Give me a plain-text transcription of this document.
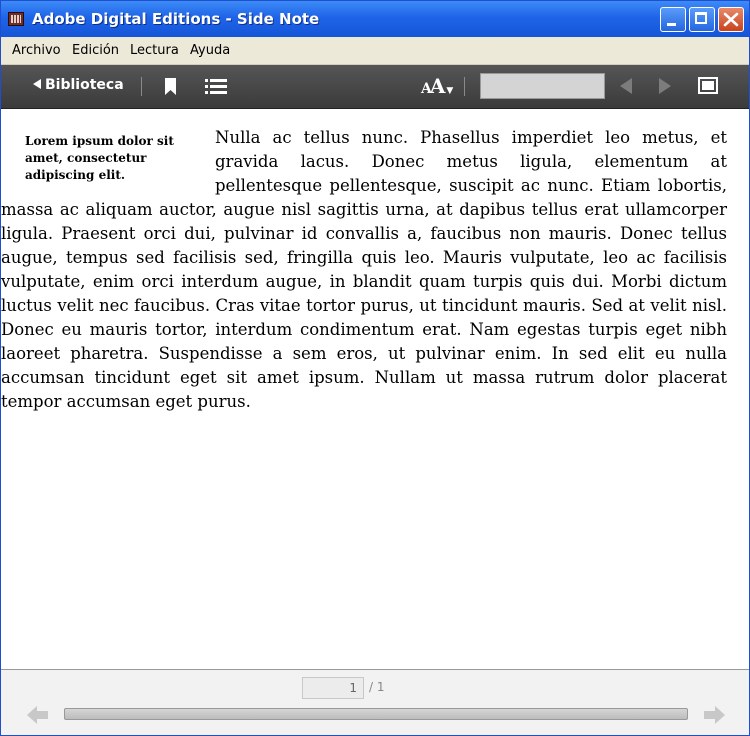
Adobe Digital Editions - Side Note
Archivo Edición Lectura Ayuda
Biblioteca	AA ▼
Lorem ipsum dolor sit amet, consectetur adipiscing elit.
Nulla ac tellus nunc. Phasellus imperdiet leo metus, et gravida lacus. Donec metus ligula, elementum at pellentesque pellentesque, suscipit ac nunc. Etiam lobortis, massa ac aliquam auctor, augue nisl sagittis urna, at dapibus tellus erat ullamcorper ligula. Praesent orci dui, pulvinar id convallis a, faucibus non mauris. Donec tellus augue, tempus sed facilisis sed, fringilla quis leo. Mauris vulputate, leo ac facilisis vulputate, enim orci interdum augue, in blandit quam turpis quis dui. Morbi dictum luctus velit nec faucibus. Cras vitae tortor purus, ut tincidunt mauris. Sed at velit nisl. Donec eu mauris tortor, interdum condimentum erat. Nam egestas turpis eget nibh laoreet pharetra. Suspendisse a sem eros, ut pulvinar enim. In sed elit eu nulla accumsan tincidunt eget sit amet ipsum. Nullam ut massa rutrum dolor placerat tempor accumsan eget purus.
1	/ 1
